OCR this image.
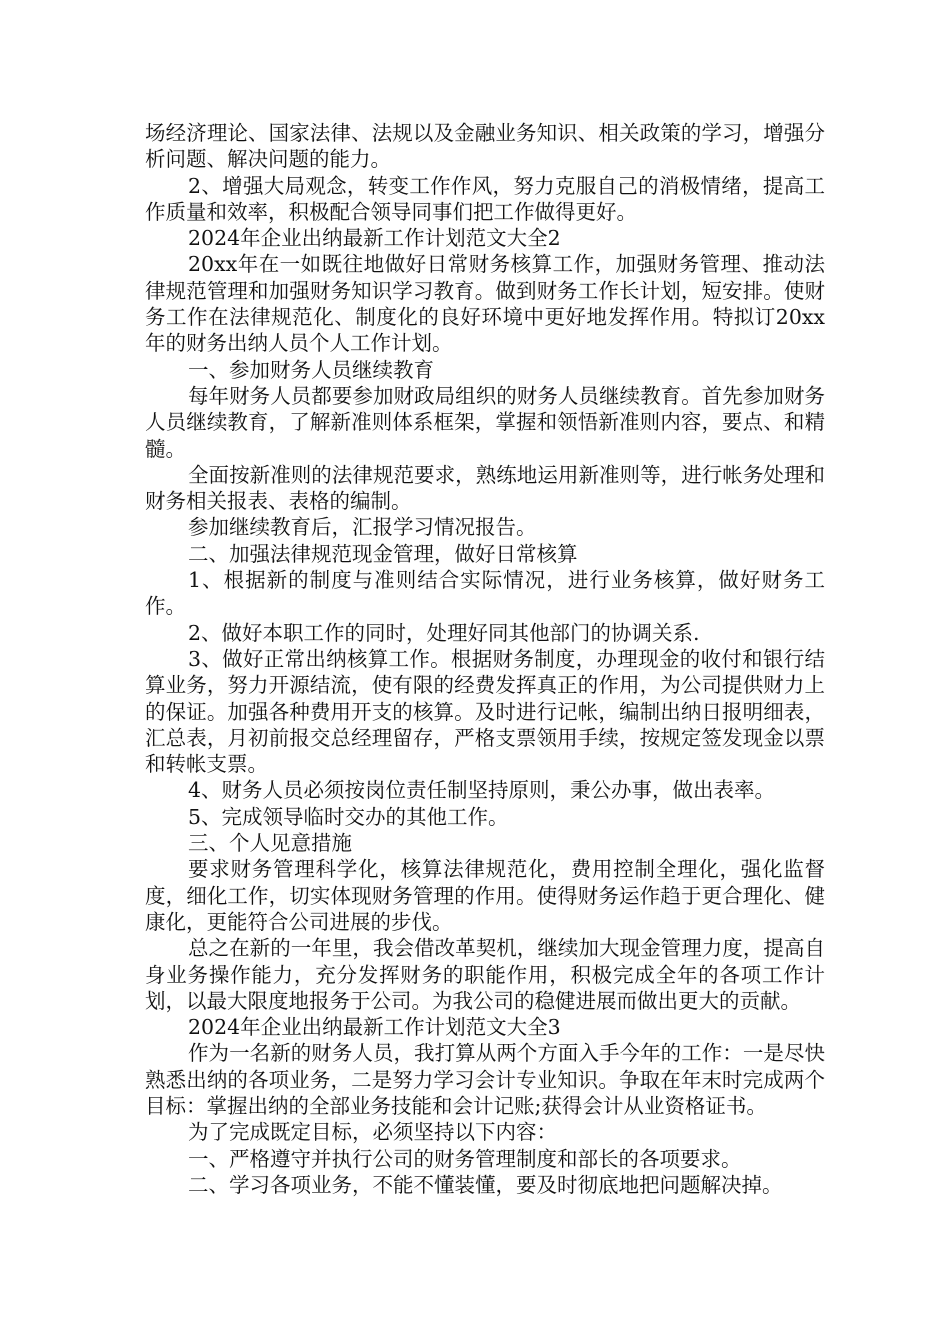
场经济理论、国家法律、法规以及金融业务知识、相关政策的学习，增强分析问题、解决问题的能力。

2、增强大局观念，转变工作作风，努力克服自己的消极情绪，提高工作质量和效率，积极配合领导同事们把工作做得更好。

2024年企业出纳最新工作计划范文大全2

20xx年在一如既往地做好日常财务核算工作，加强财务管理、推动法律规范管理和加强财务知识学习教育。做到财务工作长计划，短安排。使财务工作在法律规范化、制度化的良好环境中更好地发挥作用。特拟订20xx年的财务出纳人员个人工作计划。

一、参加财务人员继续教育

每年财务人员都要参加财政局组织的财务人员继续教育。首先参加财务人员继续教育，了解新准则体系框架，掌握和领悟新准则内容，要点、和精髓。

全面按新准则的法律规范要求，熟练地运用新准则等，进行帐务处理和财务相关报表、表格的编制。

参加继续教育后，汇报学习情况报告。

二、加强法律规范现金管理，做好日常核算

1、根据新的制度与准则结合实际情况，进行业务核算，做好财务工作。

2、做好本职工作的同时，处理好同其他部门的协调关系.

3、做好正常出纳核算工作。根据财务制度，办理现金的收付和银行结算业务，努力开源结流，使有限的经费发挥真正的作用，为公司提供财力上的保证。加强各种费用开支的核算。及时进行记帐，编制出纳日报明细表，汇总表，月初前报交总经理留存，严格支票领用手续，按规定签发现金以票和转帐支票。

4、财务人员必须按岗位责任制坚持原则，秉公办事，做出表率。

5、完成领导临时交办的其他工作。

三、个人见意措施

要求财务管理科学化，核算法律规范化，费用控制全理化，强化监督度，细化工作，切实体现财务管理的作用。使得财务运作趋于更合理化、健康化，更能符合公司进展的步伐。

总之在新的一年里，我会借改革契机，继续加大现金管理力度，提高自身业务操作能力，充分发挥财务的职能作用，积极完成全年的各项工作计划，以最大限度地报务于公司。为我公司的稳健进展而做出更大的贡献。

2024年企业出纳最新工作计划范文大全3

作为一名新的财务人员，我打算从两个方面入手今年的工作：一是尽快熟悉出纳的各项业务，二是努力学习会计专业知识。争取在年末时完成两个目标：掌握出纳的全部业务技能和会计记账;获得会计从业资格证书。

为了完成既定目标，必须坚持以下内容：

一、严格遵守并执行公司的财务管理制度和部长的各项要求。

二、学习各项业务，不能不懂装懂，要及时彻底地把问题解决掉。
